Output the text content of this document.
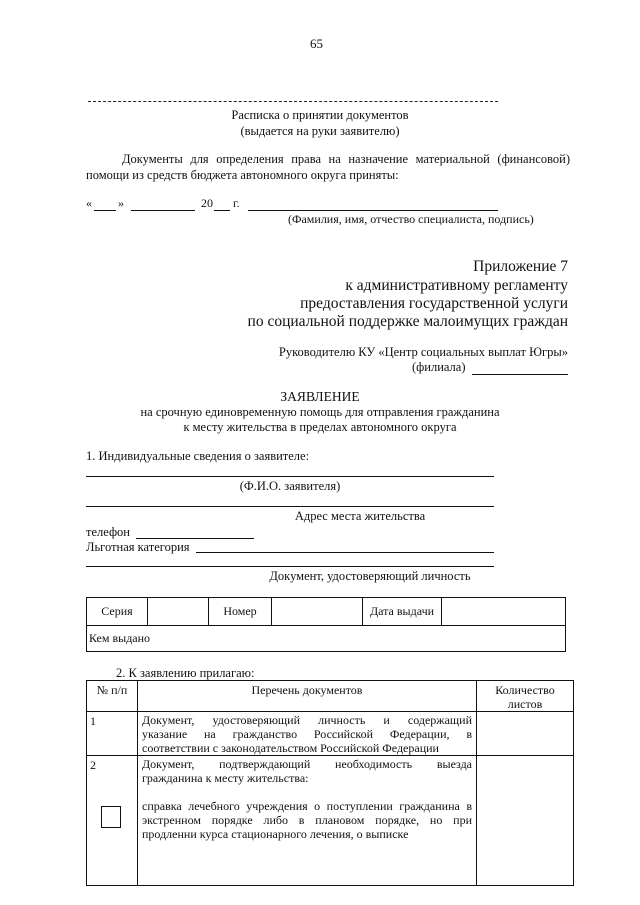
65
Расписка о принятии документов
(выдается на руки заявителю)
Документы для определения права на назначение материальной (финансовой)
помощи из средств бюджета автономного округа приняты:
« »	20 г.
(Фамилия, имя, отчество специалиста, подпись)
Приложение 7
к административному регламенту
предоставления государственной услуги
по социальной поддержке малоимущих граждан
Руководителю КУ «Центр социальных выплат Югры»
(филиала)
ЗАЯВЛЕНИЕ
на срочную единовременную помощь для отправления гражданина
к месту жительства в пределах автономного округа
1. Индивидуальные сведения о заявителе:
(Ф.И.О. заявителя)
Адрес места жительства
телефон
Льготная категория
Документ, удостоверяющий личность
Серия		Номер		Дата выдачи	
Кем выдано
2. К заявлению прилагаю:
№ п/п	Перечень документов	Количество листов
1	Документ, удостоверяющий личность и содержащий
указание на гражданство Российской Федерации, в
соответствии с законодательством Российской Федерации	

2	Документ, подтверждающий необходимость выезда
гражданина к месту жительства:
справка лечебного учреждения о поступлении гражданина в
экстренном порядке либо в плановом порядке, но при
продленни курса стационарного лечения, о выписке	
